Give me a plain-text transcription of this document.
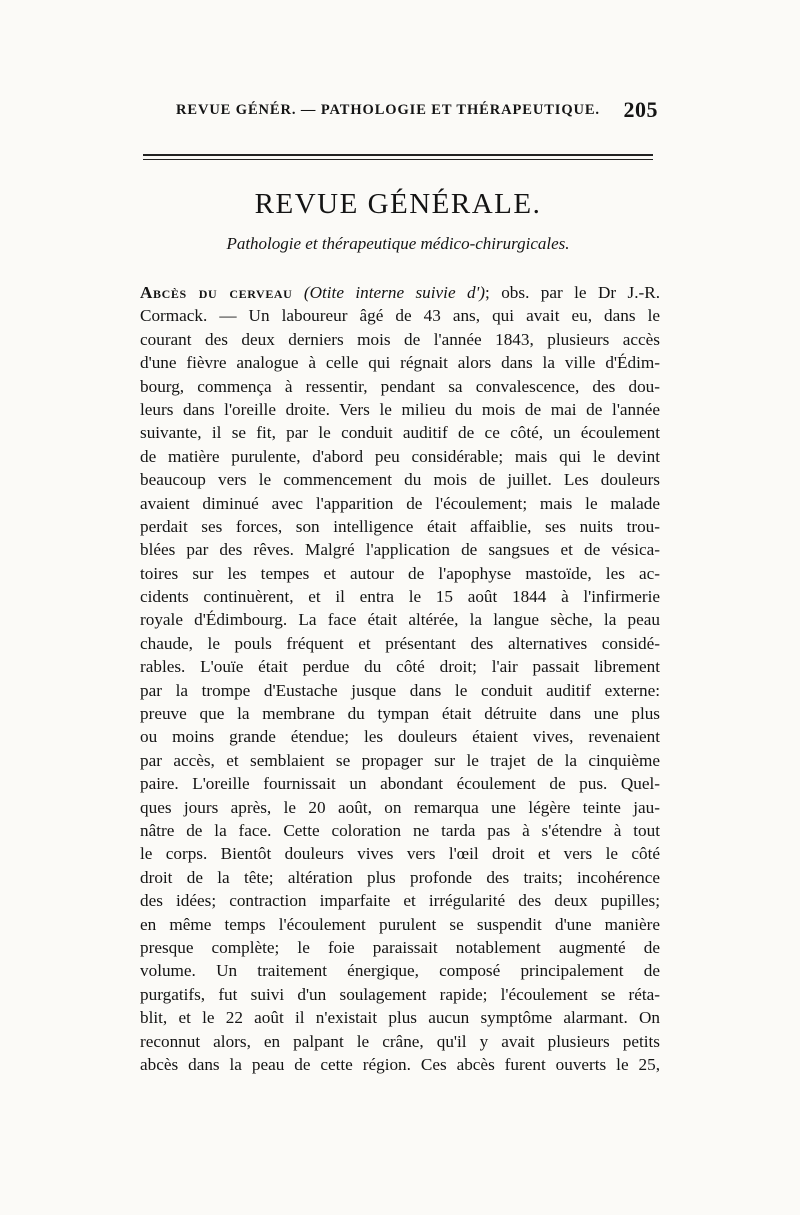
REVUE GÉNÉR. — PATHOLOGIE ET THÉRAPEUTIQUE. 205
REVUE GÉNÉRALE.
Pathologie et thérapeutique médico-chirurgicales.
Abcès du cerveau (Otite interne suivie d'); obs. par le Dr J.-R.
Cormack. — Un laboureur âgé de 43 ans, qui avait eu, dans le
courant des deux derniers mois de l'année 1843, plusieurs accès
d'une fièvre analogue à celle qui régnait alors dans la ville d'Édim-
bourg, commença à ressentir, pendant sa convalescence, des dou-
leurs dans l'oreille droite. Vers le milieu du mois de mai de l'année
suivante, il se fit, par le conduit auditif de ce côté, un écoulement
de matière purulente, d'abord peu considérable; mais qui le devint
beaucoup vers le commencement du mois de juillet. Les douleurs
avaient diminué avec l'apparition de l'écoulement; mais le malade
perdait ses forces, son intelligence était affaiblie, ses nuits trou-
blées par des rêves. Malgré l'application de sangsues et de vésica-
toires sur les tempes et autour de l'apophyse mastoïde, les ac-
cidents continuèrent, et il entra le 15 août 1844 à l'infirmerie
royale d'Édimbourg. La face était altérée, la langue sèche, la peau
chaude, le pouls fréquent et présentant des alternatives considé-
rables. L'ouïe était perdue du côté droit; l'air passait librement
par la trompe d'Eustache jusque dans le conduit auditif externe:
preuve que la membrane du tympan était détruite dans une plus
ou moins grande étendue; les douleurs étaient vives, revenaient
par accès, et semblaient se propager sur le trajet de la cinquième
paire. L'oreille fournissait un abondant écoulement de pus. Quel-
ques jours après, le 20 août, on remarqua une légère teinte jau-
nâtre de la face. Cette coloration ne tarda pas à s'étendre à tout
le corps. Bientôt douleurs vives vers l'œil droit et vers le côté
droit de la tête; altération plus profonde des traits; incohérence
des idées; contraction imparfaite et irrégularité des deux pupilles;
en même temps l'écoulement purulent se suspendit d'une manière
presque complète; le foie paraissait notablement augmenté de
volume. Un traitement énergique, composé principalement de
purgatifs, fut suivi d'un soulagement rapide; l'écoulement se réta-
blit, et le 22 août il n'existait plus aucun symptôme alarmant. On
reconnut alors, en palpant le crâne, qu'il y avait plusieurs petits
abcès dans la peau de cette région. Ces abcès furent ouverts le 25,
